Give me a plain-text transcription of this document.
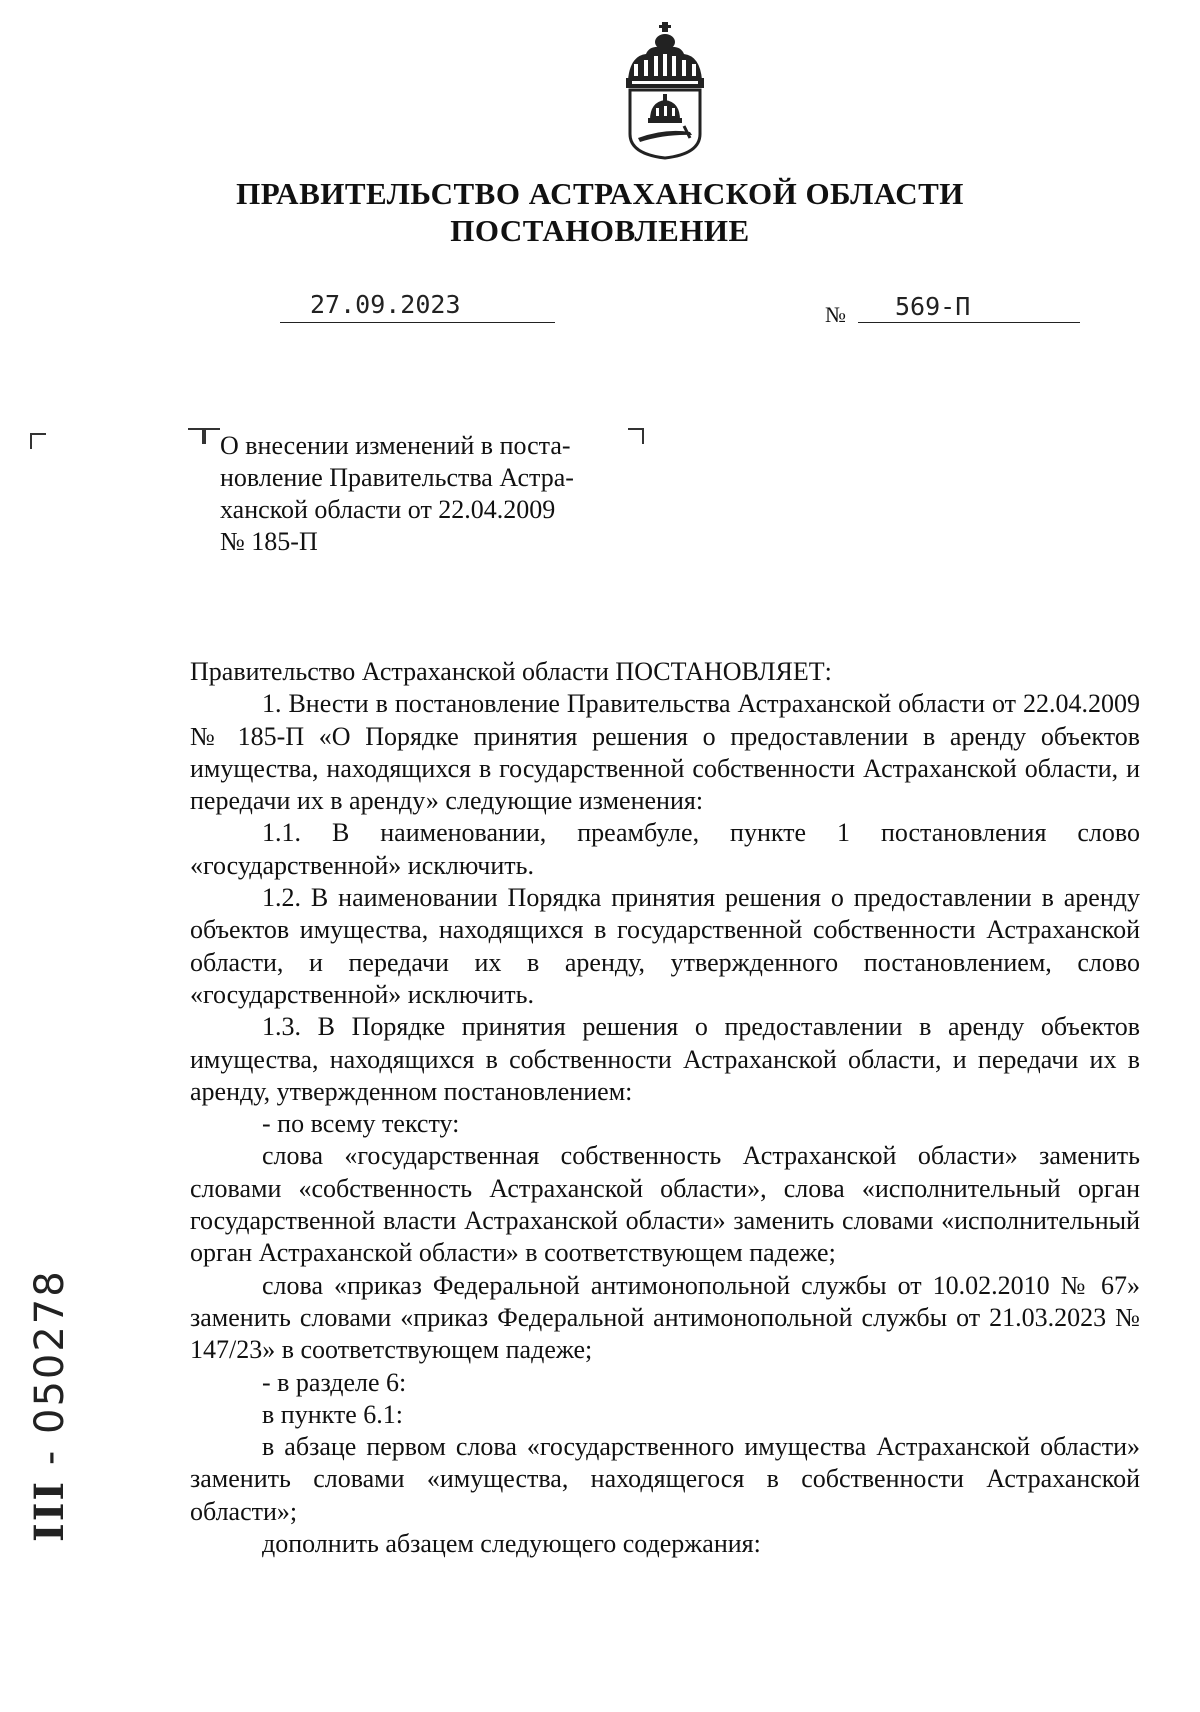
ПРАВИТЕЛЬСТВО АСТРАХАНСКОЙ ОБЛАСТИ
ПОСТАНОВЛЕНИЕ
27.09.2023	№ 569-П
О внесении изменений в поста-
новление Правительства Астра-
ханской области от 22.04.2009
№ 185-П

Правительство Астраханской области ПОСТАНОВЛЯЕТ:

1. Внести в постановление Правительства Астраханской области от 22.04.2009 № 185-П «О Порядке принятия решения о предоставлении в аренду объектов имущества, находящихся в государственной собственности Астраханской области, и передачи их в аренду» следующие изменения:

1.1. В наименовании, преамбуле, пункте 1 постановления слово «государственной» исключить.

1.2. В наименовании Порядка принятия решения о предоставлении в аренду объектов имущества, находящихся в государственной собственности Астраханской области, и передачи их в аренду, утвержденного постановлением, слово «государственной» исключить.

1.3. В Порядке принятия решения о предоставлении в аренду объектов имущества, находящихся в собственности Астраханской области, и передачи их в аренду, утвержденном постановлением:

- по всему тексту:

слова «государственная собственность Астраханской области» заменить словами «собственность Астраханской области», слова «исполнительный орган государственной власти Астраханской области» заменить словами «исполнительный орган Астраханской области» в соответствующем падеже;

слова «приказ Федеральной антимонопольной службы от 10.02.2010 № 67» заменить словами «приказ Федеральной антимонопольной службы от 21.03.2023 № 147/23» в соответствующем падеже;

- в разделе 6:

в пункте 6.1:

в абзаце первом слова «государственного имущества Астраханской области» заменить словами «имущества, находящегося в собственности Астраханской области»;

дополнить абзацем следующего содержания:

III - 050278
